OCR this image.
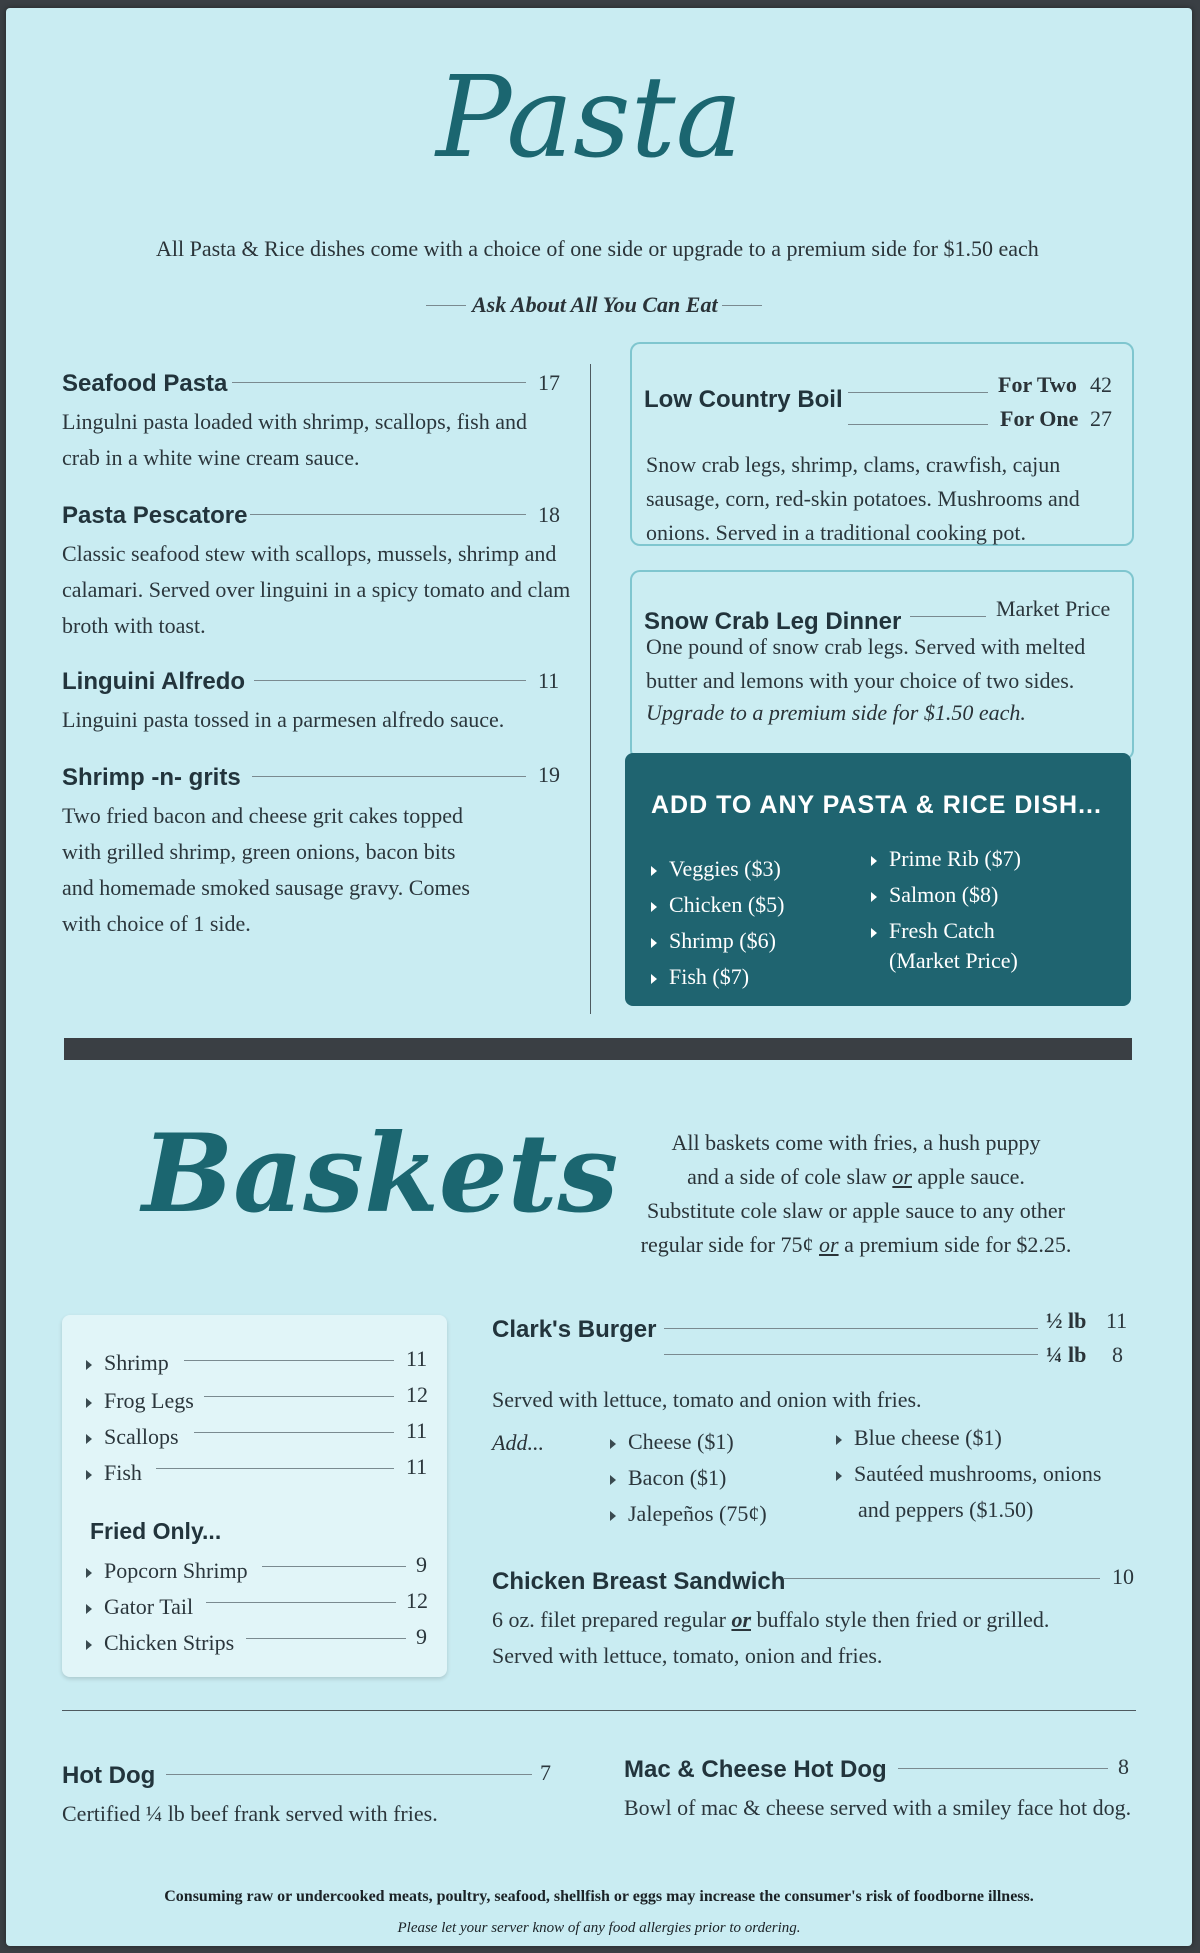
Pasta
All Pasta & Rice dishes come with a choice of one side or upgrade to a premium side for $1.50 each
Ask About All You Can Eat
Seafood Pasta	17
Lingulni pasta loaded with shrimp, scallops, fish and crab in a white wine cream sauce.
Pasta Pescatore	18
Classic seafood stew with scallops, mussels, shrimp and calamari. Served over linguini in a spicy tomato and clam broth with toast.
Linguini Alfredo	11
Linguini pasta tossed in a parmesen alfredo sauce.
Shrimp -n- grits	19
Two fried bacon and cheese grit cakes topped with grilled shrimp, green onions, bacon bits and homemade smoked sausage gravy. Comes with choice of 1 side.
Low Country Boil
For Two 42
For One 27
Snow crab legs, shrimp, clams, crawfish, cajun sausage, corn, red-skin potatoes. Mushrooms and onions. Served in a traditional cooking pot.
Snow Crab Leg Dinner	Market Price
One pound of snow crab legs. Served with melted butter and lemons with your choice of two sides.
Upgrade to a premium side for $1.50 each.
ADD TO ANY PASTA & RICE DISH...
Veggies ($3)
Chicken ($5)
Shrimp ($6)
Fish ($7)
Prime Rib ($7)
Salmon ($8)
Fresh Catch
(Market Price)
Baskets	All baskets come with fries, a hush puppy
and a side of cole slaw or apple sauce.
Substitute cole slaw or apple sauce to any other
regular side for 75¢ or a premium side for $2.25.
Shrimp	11
Frog Legs	12
Scallops	11
Fish	11
Fried Only...
Popcorn Shrimp	9
Gator Tail	12
Chicken Strips	9
Clark's Burger	½ lb 11
¼ lb 8
Served with lettuce, tomato and onion with fries.
Add...	Cheese ($1)
Bacon ($1)
Jalepeños (75¢)
Blue cheese ($1)
Sautéed mushrooms, onions
and peppers ($1.50)
Chicken Breast Sandwich	10
6 oz. filet prepared regular or buffalo style then fried or grilled.
Served with lettuce, tomato, onion and fries.
Hot Dog	7
Certified ¼ lb beef frank served with fries.
Mac & Cheese Hot Dog	8
Bowl of mac & cheese served with a smiley face hot dog.
Consuming raw or undercooked meats, poultry, seafood, shellfish or eggs may increase the consumer's risk of foodborne illness.
Please let your server know of any food allergies prior to ordering.
